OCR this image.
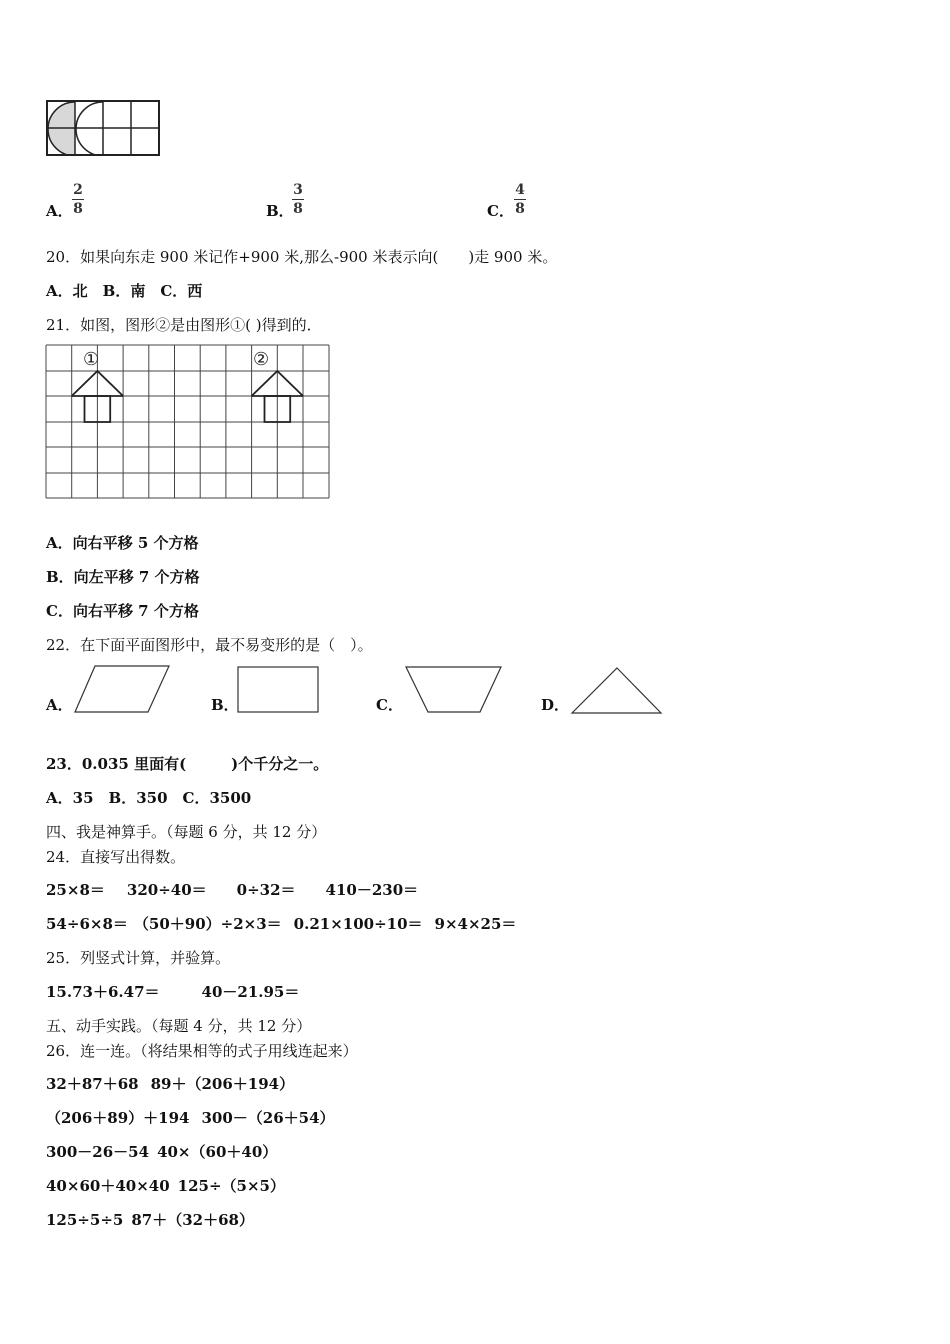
A．
2
8	B．
3
8	C．
4
8
20．如果向东走 900 米记作+900 米,那么-900 米表示向(　　)走 900 米。
A．北　B．南　C．西
21．如图，图形②是由图形①( )得到的．
①	②
A．向右平移 5 个方格
B．向左平移 7 个方格
C．向右平移 7 个方格
22．在下面平面图形中，最不易变形的是（　）。
A．	B．	C．	D．
23．0.035 里面有(　　　)个千分之一。
A．35　B．350　C．3500
四、我是神算手。（每题 6 分，共 12 分）
24．直接写出得数。
25×8＝ 320÷40＝ 0÷32＝ 410－230＝
54÷6×8＝ （50＋90）÷2×3＝ 0.21×100÷10＝ 9×4×25＝
25．列竖式计算，并验算。
15.73＋6.47＝	40－21.95＝
五、动手实践。（每题 4 分，共 12 分）
26．连一连。（将结果相等的式子用线连起来）
32＋87＋68 89＋（206＋194）
（206＋89）＋194 300－（26＋54）
300－26－54 40×（60＋40）
40×60＋40×40 125÷（5×5）
125÷5÷5 87＋（32＋68）
